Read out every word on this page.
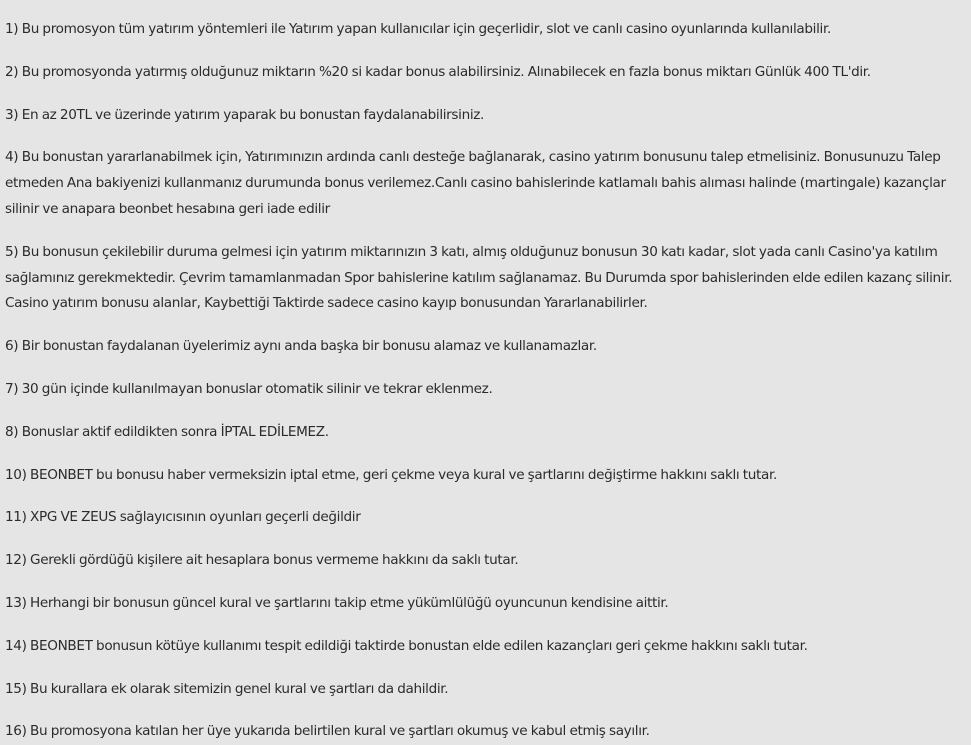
1) Bu promosyon tüm yatırım yöntemleri ile Yatırım yapan kullanıcılar için geçerlidir, slot ve canlı casino oyunlarında kullanılabilir.

2) Bu promosyonda yatırmış olduğunuz miktarın %20 si kadar bonus alabilirsiniz. Alınabilecek en fazla bonus miktarı Günlük 400 TL'dir.

3) En az 20TL ve üzerinde yatırım yaparak bu bonustan faydalanabilirsiniz.

4) Bu bonustan yararlanabilmek için, Yatırımınızın ardında canlı desteğe bağlanarak, casino yatırım bonusunu talep etmelisiniz. Bonusunuzu Talep etmeden Ana bakiyenizi kullanmanız durumunda bonus verilemez.Canlı casino bahislerinde katlamalı bahis alıması halinde (martingale) kazançlar silinir ve anapara beonbet hesabına geri iade edilir

5) Bu bonusun çekilebilir duruma gelmesi için yatırım miktarınızın 3 katı, almış olduğunuz bonusun 30 katı kadar, slot yada canlı Casino'ya katılım sağlamınız gerekmektedir. Çevrim tamamlanmadan Spor bahislerine katılım sağlanamaz. Bu Durumda spor bahislerinden elde edilen kazanç silinir. Casino yatırım bonusu alanlar, Kaybettiği Taktirde sadece casino kayıp bonusundan Yararlanabilirler.

6) Bir bonustan faydalanan üyelerimiz aynı anda başka bir bonusu alamaz ve kullanamazlar.

7) 30 gün içinde kullanılmayan bonuslar otomatik silinir ve tekrar eklenmez.

8) Bonuslar aktif edildikten sonra İPTAL EDİLEMEZ.

10) BEONBET bu bonusu haber vermeksizin iptal etme, geri çekme veya kural ve şartlarını değiştirme hakkını saklı tutar.

11) XPG VE ZEUS sağlayıcısının oyunları geçerli değildir

12) Gerekli gördüğü kişilere ait hesaplara bonus vermeme hakkını da saklı tutar.

13) Herhangi bir bonusun güncel kural ve şartlarını takip etme yükümlülüğü oyuncunun kendisine aittir.

14) BEONBET bonusun kötüye kullanımı tespit edildiği taktirde bonustan elde edilen kazançları geri çekme hakkını saklı tutar.

15) Bu kurallara ek olarak sitemizin genel kural ve şartları da dahildir.

16) Bu promosyona katılan her üye yukarıda belirtilen kural ve şartları okumuş ve kabul etmiş sayılır.
